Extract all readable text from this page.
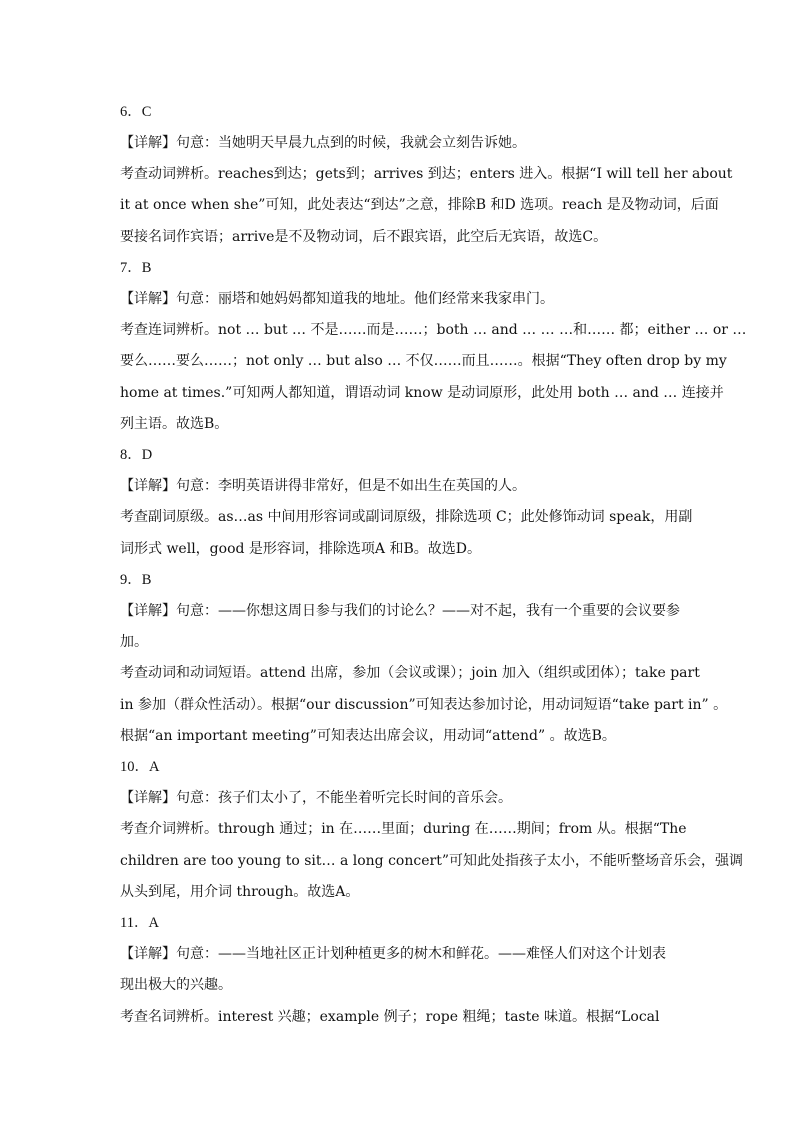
6．C
【详解】句意：当她明天早晨九点到的时候，我就会立刻告诉她。
考查动词辨析。reaches到达；gets到；arrives 到达；enters 进入。根据“I will tell her about
it at once when she”可知，此处表达“到达”之意，排除B 和D 选项。reach 是及物动词，后面
要接名词作宾语；arrive是不及物动词，后不跟宾语，此空后无宾语，故选C。
7．B
【详解】句意：丽塔和她妈妈都知道我的地址。他们经常来我家串门。
考查连词辨析。not … but … 不是……而是……；both … and … … …和…… 都；either … or …
要么……要么……；not only … but also … 不仅……而且……。根据“They often drop by my
home at times.”可知两人都知道，谓语动词 know 是动词原形，此处用 both … and … 连接并
列主语。故选B。
8．D
【详解】句意：李明英语讲得非常好，但是不如出生在英国的人。
考查副词原级。as…as 中间用形容词或副词原级，排除选项 C；此处修饰动词 speak，用副
词形式 well，good 是形容词，排除选项A 和B。故选D。
9．B
【详解】句意：——你想这周日参与我们的讨论么？——对不起，我有一个重要的会议要参
加。
考查动词和动词短语。attend 出席，参加（会议或课）；join 加入（组织或团体）；take part
in 参加（群众性活动）。根据“our discussion”可知表达参加讨论，用动词短语“take part in” 。
根据“an important meeting”可知表达出席会议，用动词“attend” 。故选B。
10．A
【详解】句意：孩子们太小了，不能坐着听完长时间的音乐会。
考查介词辨析。through 通过；in 在……里面；during 在……期间；from 从。根据“The
children are too young to sit… a long concert”可知此处指孩子太小，不能听整场音乐会，强调
从头到尾，用介词 through。故选A。
11．A
【详解】句意：——当地社区正计划种植更多的树木和鲜花。——难怪人们对这个计划表
现出极大的兴趣。
考查名词辨析。interest 兴趣；example 例子；rope 粗绳；taste 味道。根据“Local
